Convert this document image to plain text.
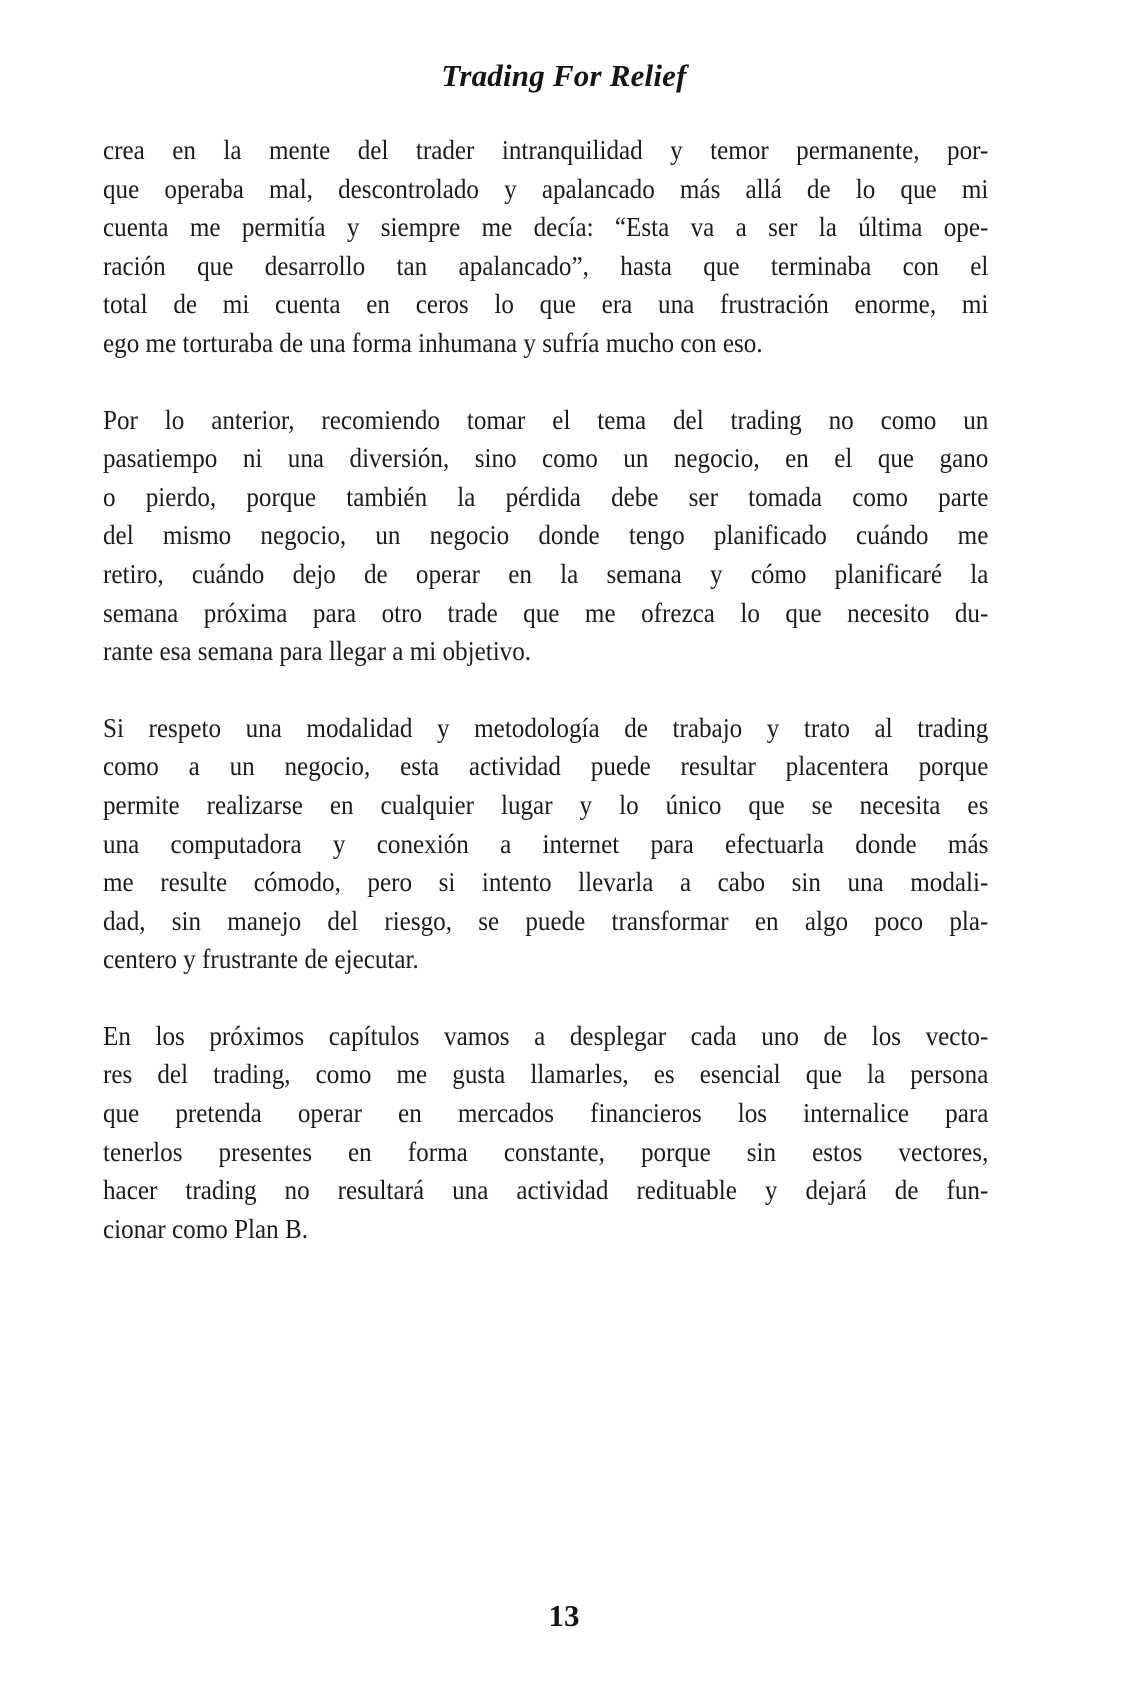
Trading For Relief

crea en la mente del trader intranquilidad y temor permanente, por-
que operaba mal, descontrolado y apalancado más allá de lo que mi
cuenta me permitía y siempre me decía: “Esta va a ser la última ope-
ración que desarrollo tan apalancado”, hasta que terminaba con el
total de mi cuenta en ceros lo que era una frustración enorme, mi
ego me torturaba de una forma inhumana y sufría mucho con eso.

Por lo anterior, recomiendo tomar el tema del trading no como un
pasatiempo ni una diversión, sino como un negocio, en el que gano
o pierdo, porque también la pérdida debe ser tomada como parte
del mismo negocio, un negocio donde tengo planificado cuándo me
retiro, cuándo dejo de operar en la semana y cómo planificaré la
semana próxima para otro trade que me ofrezca lo que necesito du-
rante esa semana para llegar a mi objetivo.

Si respeto una modalidad y metodología de trabajo y trato al trading
como a un negocio, esta actividad puede resultar placentera porque
permite realizarse en cualquier lugar y lo único que se necesita es
una computadora y conexión a internet para efectuarla donde más
me resulte cómodo, pero si intento llevarla a cabo sin una modali-
dad, sin manejo del riesgo, se puede transformar en algo poco pla-
centero y frustrante de ejecutar.

En los próximos capítulos vamos a desplegar cada uno de los vecto-
res del trading, como me gusta llamarles, es esencial que la persona
que pretenda operar en mercados financieros los internalice para
tenerlos presentes en forma constante, porque sin estos vectores,
hacer trading no resultará una actividad redituable y dejará de fun-
cionar como Plan B.

13
